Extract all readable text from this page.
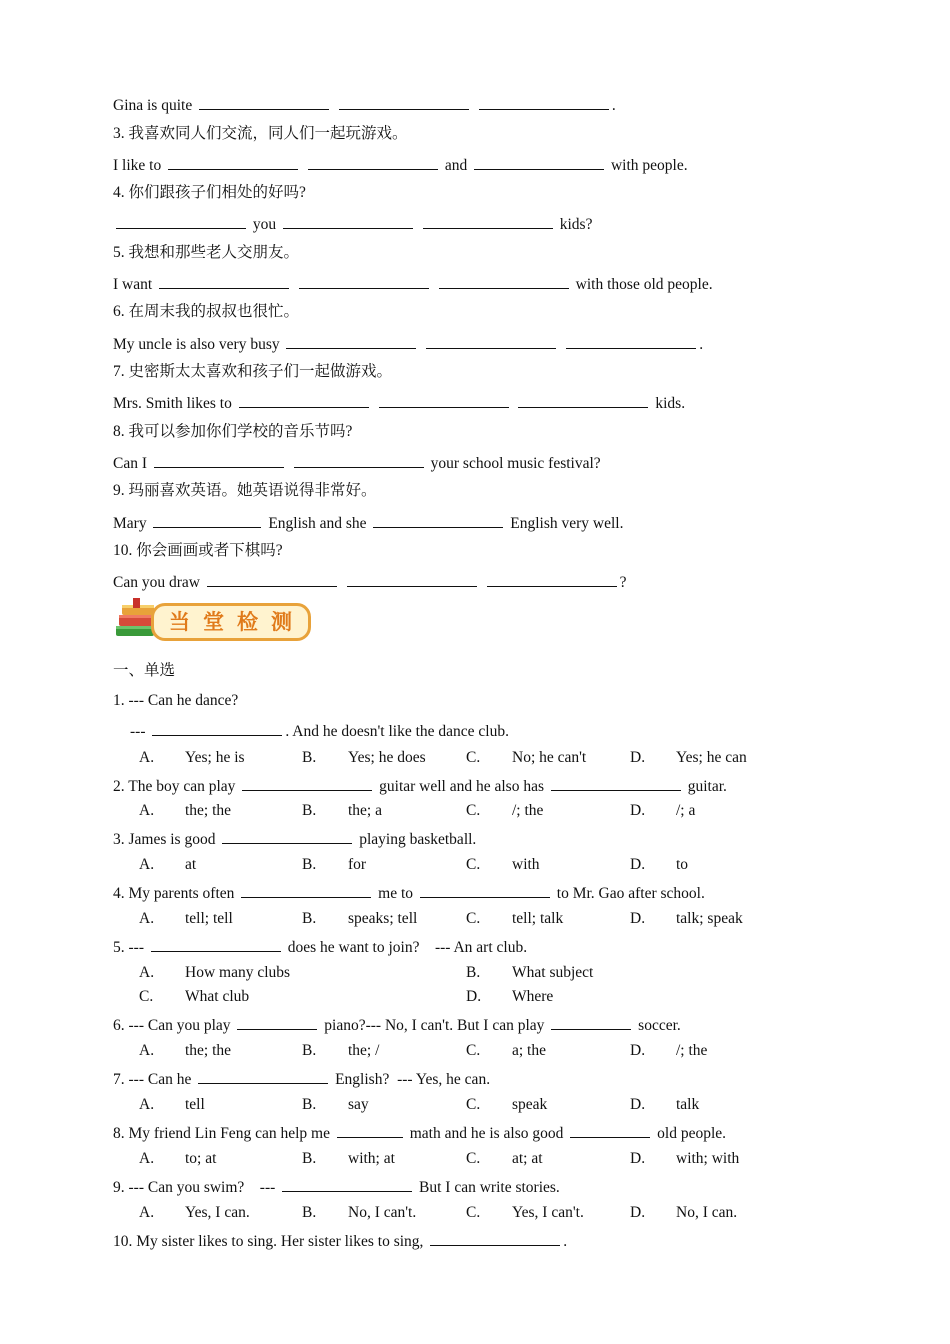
Gina is quite	.
3. 我喜欢同人们交流，同人们一起玩游戏。
I like to	and	with people.
4. 你们跟孩子们相处的好吗?
you	kids?
5. 我想和那些老人交朋友。
I want	with those old people.
6. 在周末我的叔叔也很忙。
My uncle is also very busy	.
7. 史密斯太太喜欢和孩子们一起做游戏。
Mrs. Smith likes to	kids.
8. 我可以参加你们学校的音乐节吗?
Can I	your school music festival?
9. 玛丽喜欢英语。她英语说得非常好。
Mary	English and she	English very well.
10. 你会画画或者下棋吗?
Can you draw	?
当堂检测
一、单选
1. --- Can he dance?
---	. And he doesn't like the dance club.
A. Yes; he is	B. Yes; he does	C. No; he can't	D. Yes; he can
2. The boy can play	guitar well and he also has	guitar.
A. the; the	B. the; a	C. /; the	D. /; a
3. James is good	playing basketball.
A. at	B. for	C. with	D. to
4. My parents often	me to	to Mr. Gao after school.
A. tell; tell	B. speaks; tell	C. tell; talk	D. talk; speak
5. ---	does he want to join?    --- An art club.
A. How many clubs	B. What subject
C. What club	D. Where
6. --- Can you play	piano?--- No, I can't. But I can play	soccer.
A. the; the	B. the; /	C. a; the	D. /; the
7. --- Can he	English?  --- Yes, he can.
A. tell	B. say	C. speak	D. talk
8. My friend Lin Feng can help me	math and he is also good	old people.
A. to; at	B. with; at	C. at; at	D. with; with
9. --- Can you swim?    ---	But I can write stories.
A. Yes, I can.	B. No, I can't.	C. Yes, I can't.	D. No, I can.
10. My sister likes to sing. Her sister likes to sing,	.
